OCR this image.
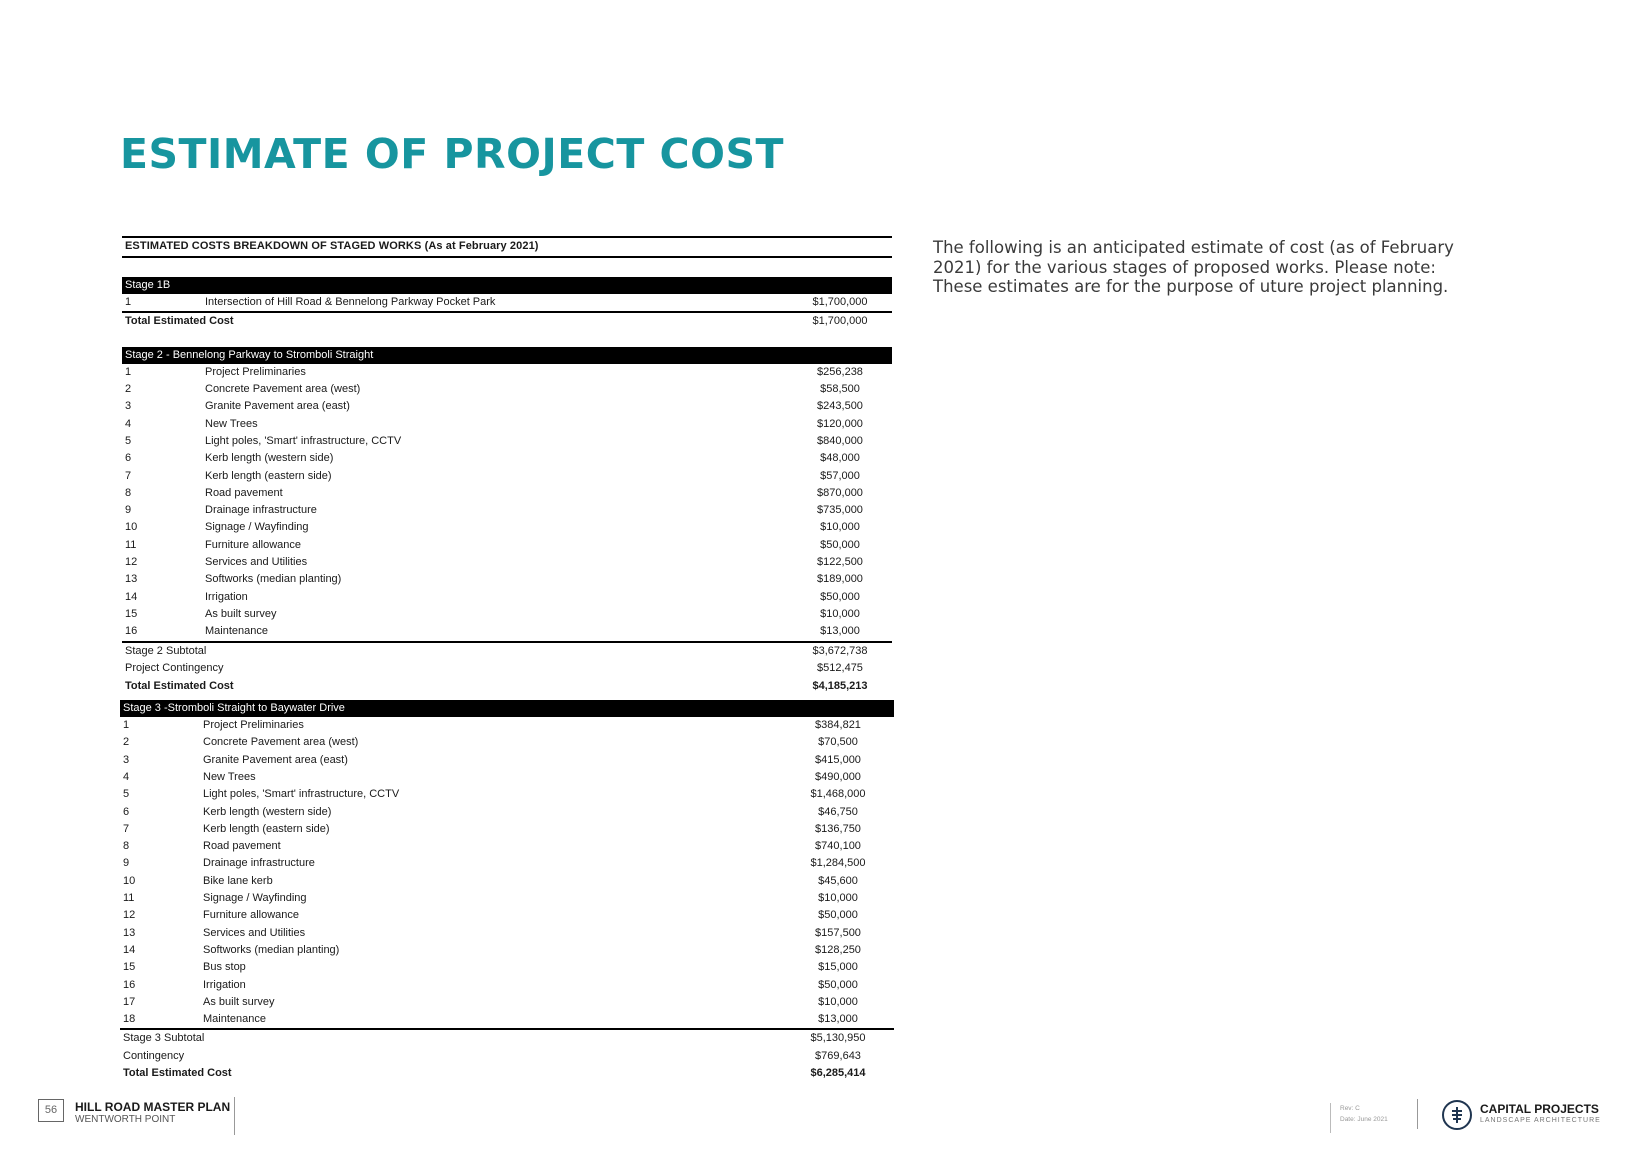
ESTIMATE OF PROJECT COST
The following is an anticipated estimate of cost (as of February 2021) for the various stages of proposed works. Please note: These estimates are for the purpose of uture project planning.
ESTIMATED COSTS BREAKDOWN OF STAGED WORKS (As at February 2021)
Stage 1B
1	Intersection of Hill Road & Bennelong Parkway Pocket Park	$1,700,000
Total Estimated Cost	$1,700,000
Stage 2 - Bennelong Parkway to Stromboli Straight
1	Project Preliminaries	$256,238
2	Concrete Pavement area (west)	$58,500
3	Granite Pavement area (east)	$243,500
4	New Trees	$120,000
5	Light poles, 'Smart' infrastructure, CCTV	$840,000
6	Kerb length (western side)	$48,000
7	Kerb length (eastern side)	$57,000
8	Road pavement	$870,000
9	Drainage infrastructure	$735,000
10	Signage / Wayfinding	$10,000
11	Furniture allowance	$50,000
12	Services and Utilities	$122,500
13	Softworks (median planting)	$189,000
14	Irrigation	$50,000
15	As built survey	$10,000
16	Maintenance	$13,000
Stage 2 Subtotal	$3,672,738
Project Contingency	$512,475
Total Estimated Cost	$4,185,213
Stage 3 -Stromboli Straight to Baywater Drive
1	Project Preliminaries	$384,821
2	Concrete Pavement area (west)	$70,500
3	Granite Pavement area (east)	$415,000
4	New Trees	$490,000
5	Light poles, 'Smart' infrastructure, CCTV	$1,468,000
6	Kerb length (western side)	$46,750
7	Kerb length (eastern side)	$136,750
8	Road pavement	$740,100
9	Drainage infrastructure	$1,284,500
10	Bike lane kerb	$45,600
11	Signage / Wayfinding	$10,000
12	Furniture allowance	$50,000
13	Services and Utilities	$157,500
14	Softworks (median planting)	$128,250
15	Bus stop	$15,000
16	Irrigation	$50,000
17	As built survey	$10,000
18	Maintenance	$13,000
Stage 3 Subtotal	$5,130,950
Contingency	$769,643
Total Estimated Cost	$6,285,414
56	HILL ROAD MASTER PLAN
WENTWORTH POINT
Rev: C
Date: June 2021
CAPITAL PROJECTS
LANDSCAPE ARCHITECTURE
